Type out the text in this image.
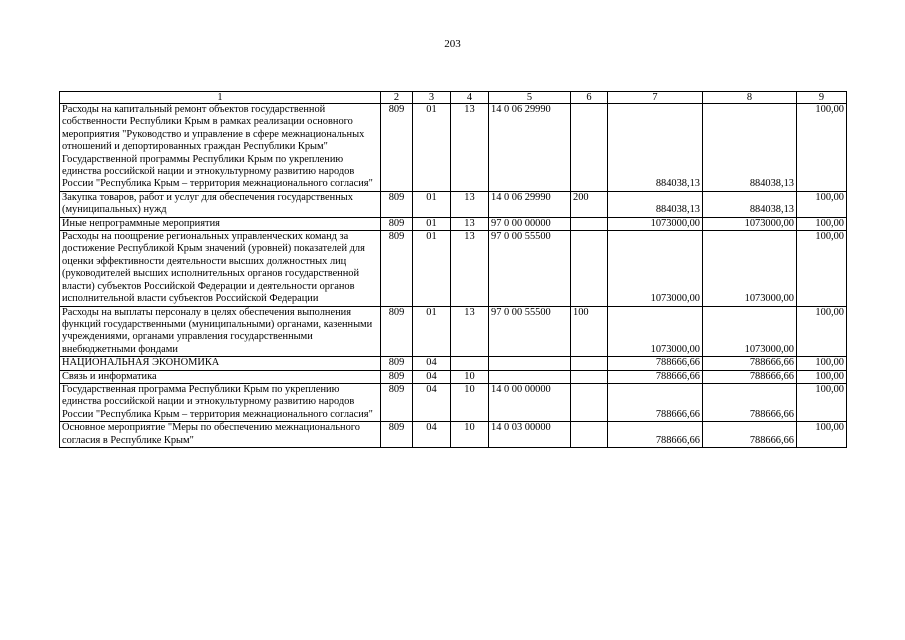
203
1	2	3	4	5	6	7	8	9
Расходы на капитальный ремонт объектов государственной собственности Республики Крым в рамках реализации основного мероприятия "Руководство и управление в сфере межнациональных отношений и депортированных граждан Республики Крым" Государственной программы Республики Крым по укреплению единства российской нации и этнокультурному развитию народов России "Республика Крым – территория межнационального согласия"	809	01	13	14 0 06 29990		884038,13	884038,13	100,00
Закупка товаров, работ и услуг для обеспечения государственных (муниципальных) нужд	809	01	13	14 0 06 29990	200	884038,13	884038,13	100,00
Иные непрограммные мероприятия	809	01	13	97 0 00 00000		1073000,00	1073000,00	100,00
Расходы на поощрение региональных управленческих команд за достижение Республикой Крым значений (уровней) показателей для оценки эффективности деятельности высших должностных лиц (руководителей высших исполнительных органов государственной власти) субъектов Российской Федерации и деятельности органов исполнительной власти субъектов Российской Федерации	809	01	13	97 0 00 55500		1073000,00	1073000,00	100,00
Расходы на выплаты персоналу в целях обеспечения выполнения функций государственными (муниципальными) органами, казенными учреждениями, органами управления государственными внебюджетными фондами	809	01	13	97 0 00 55500	100	1073000,00	1073000,00	100,00
НАЦИОНАЛЬНАЯ ЭКОНОМИКА	809	04				788666,66	788666,66	100,00
Связь и информатика	809	04	10			788666,66	788666,66	100,00
Государственная программа Республики Крым по укреплению единства российской нации и этнокультурному развитию народов России "Республика Крым – территория межнационального согласия"	809	04	10	14 0 00 00000		788666,66	788666,66	100,00
Основное мероприятие "Меры по обеспечению межнационального согласия в Республике Крым"	809	04	10	14 0 03 00000		788666,66	788666,66	100,00
